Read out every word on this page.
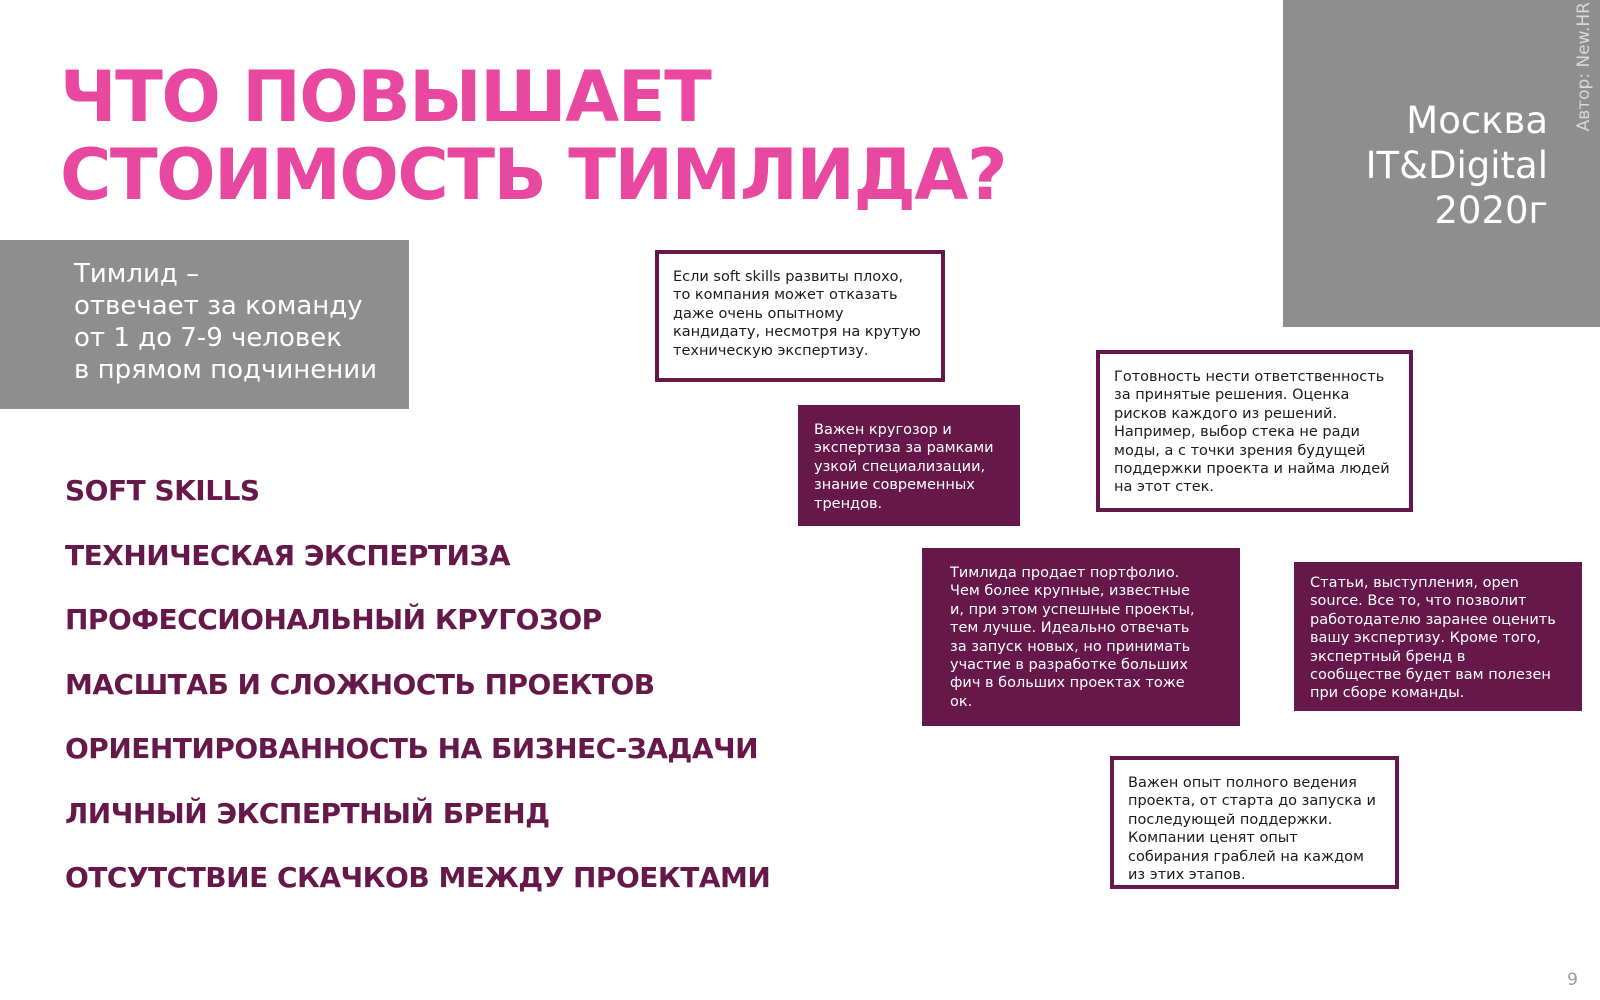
ЧТО ПОВЫШАЕТ
СТОИМОСТЬ ТИМЛИДА?
Тимлид –
отвечает за команду
от 1 до 7-9 человек
в прямом подчинении
Москва
IT&Digital
2020г
Автор: New.HR
SOFT SKILLS
ТЕХНИЧЕСКАЯ ЭКСПЕРТИЗА
ПРОФЕССИОНАЛЬНЫЙ КРУГОЗОР
МАСШТАБ И СЛОЖНОСТЬ ПРОЕКТОВ
ОРИЕНТИРОВАННОСТЬ НА БИЗНЕС-ЗАДАЧИ
ЛИЧНЫЙ ЭКСПЕРТНЫЙ БРЕНД
ОТСУТСТВИЕ СКАЧКОВ МЕЖДУ ПРОЕКТАМИ
Если soft skills развиты плохо,
то компания может отказать
даже очень опытному
кандидату, несмотря на крутую
техническую экспертизу.
Важен кругозор и
экспертиза за рамками
узкой специализации,
знание современных
трендов.
Готовность нести ответственность
за принятые решения. Оценка
рисков каждого из решений.
Например, выбор стека не ради
моды, а с точки зрения будущей
поддержки проекта и найма людей
на этот стек.
Тимлида продает портфолио.
Чем более крупные, известные
и, при этом успешные проекты,
тем лучше. Идеально отвечать
за запуск новых, но принимать
участие в разработке больших
фич в больших проектах тоже
ок.
Статьи, выступления, open
source. Все то, что позволит
работодателю заранее оценить
вашу экспертизу. Кроме того,
экспертный бренд в
сообществе будет вам полезен
при сборе команды.
Важен опыт полного ведения
проекта, от старта до запуска и
последующей поддержки.
Компании ценят опыт
собирания граблей на каждом
из этих этапов.
9
